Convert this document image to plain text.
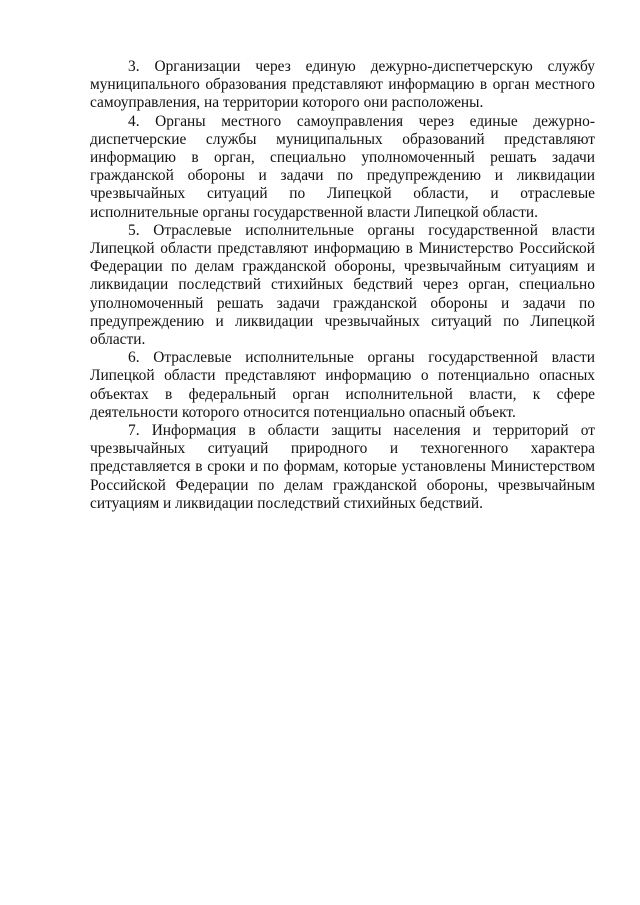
3. Организации через единую дежурно-диспетчерскую службу муниципального образования представляют информацию в орган местного самоуправления, на территории которого они расположены.

4. Органы местного самоуправления через единые дежурно-диспетчерские службы муниципальных образований представляют информацию в орган, специально уполномоченный решать задачи гражданской обороны и задачи по предупреждению и ликвидации чрезвычайных ситуаций по Липецкой области, и отраслевые исполнительные органы государственной власти Липецкой области.

5. Отраслевые исполнительные органы государственной власти Липецкой области представляют информацию в Министерство Российской Федерации по делам гражданской обороны, чрезвычайным ситуациям и ликвидации последствий стихийных бедствий через орган, специально уполномоченный решать задачи гражданской обороны и задачи по предупреждению и ликвидации чрезвычайных ситуаций по Липецкой области.

6. Отраслевые исполнительные органы государственной власти Липецкой области представляют информацию о потенциально опасных объектах в федеральный орган исполнительной власти, к сфере деятельности которого относится потенциально опасный объект.

7. Информация в области защиты населения и территорий от чрезвычайных ситуаций природного и техногенного характера представляется в сроки и по формам, которые установлены Министерством Российской Федерации по делам гражданской обороны, чрезвычайным ситуациям и ликвидации последствий стихийных бедствий.
